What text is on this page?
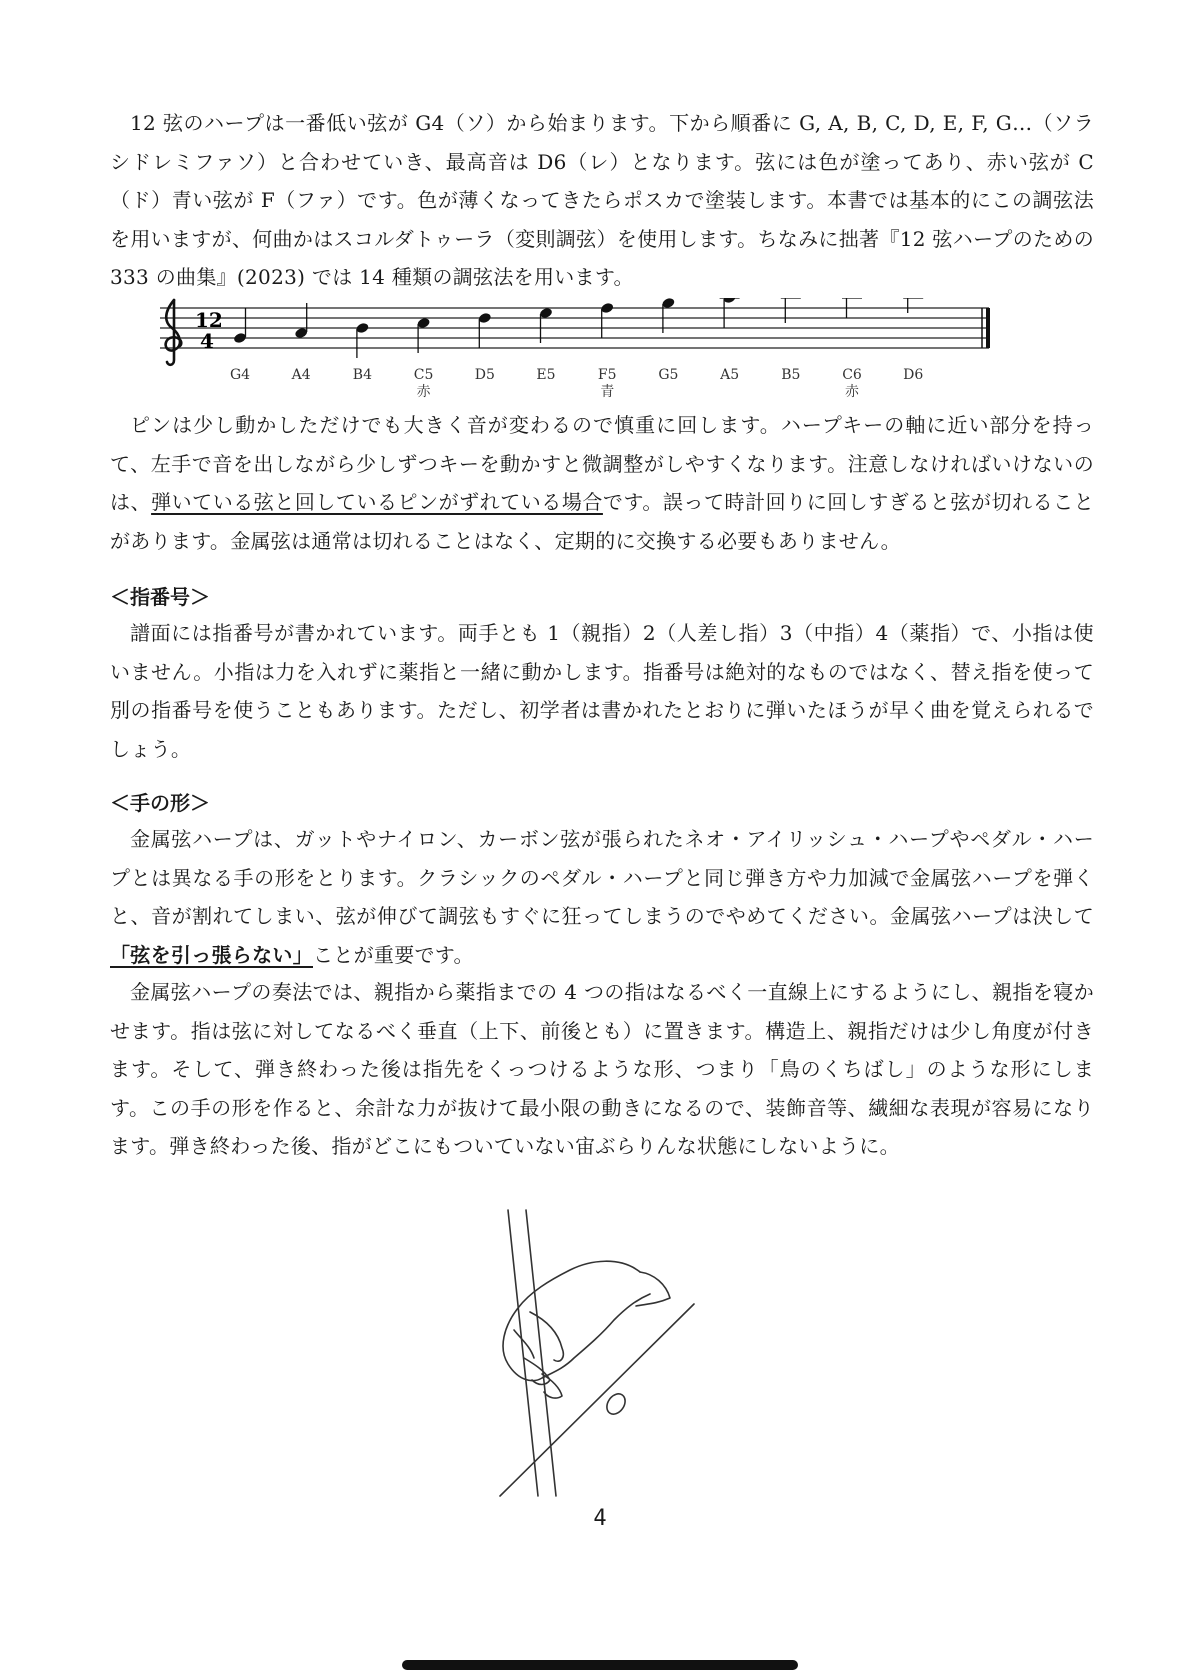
12 弦のハープは一番低い弦が G4（ソ）から始まります。下から順番に G, A, B, C, D, E, F, G…（ソラシドレミファソ）と合わせていき、最高音は D6（レ）となります。弦には色が塗ってあり、赤い弦が C（ド）青い弦が F（ファ）です。色が薄くなってきたらポスカで塗装します。本書では基本的にこの調弦法を用いますが、何曲かはスコルダトゥーラ（変則調弦）を使用します。ちなみに拙著『12 弦ハープのための 333 の曲集』(2023) では 14 種類の調弦法を用います。

12
4
G4	A4	B4	C5
赤
D5	E5	F5
青
G5	A5	B5	C6
赤
D6

ピンは少し動かしただけでも大きく音が変わるので慎重に回します。ハープキーの軸に近い部分を持って、左手で音を出しながら少しずつキーを動かすと微調整がしやすくなります。注意しなければいけないのは、弾いている弦と回しているピンがずれている場合です。誤って時計回りに回しすぎると弦が切れることがあります。金属弦は通常は切れることはなく、定期的に交換する必要もありません。

＜指番号＞

譜面には指番号が書かれています。両手とも 1（親指）2（人差し指）3（中指）4（薬指）で、小指は使いません。小指は力を入れずに薬指と一緒に動かします。指番号は絶対的なものではなく、替え指を使って別の指番号を使うこともあります。ただし、初学者は書かれたとおりに弾いたほうが早く曲を覚えられるでしょう。

＜手の形＞

金属弦ハープは、ガットやナイロン、カーボン弦が張られたネオ・アイリッシュ・ハープやペダル・ハープとは異なる手の形をとります。クラシックのペダル・ハープと同じ弾き方や力加減で金属弦ハープを弾くと、音が割れてしまい、弦が伸びて調弦もすぐに狂ってしまうのでやめてください。金属弦ハープは決して「弦を引っ張らない」ことが重要です。

金属弦ハープの奏法では、親指から薬指までの 4 つの指はなるべく一直線上にするようにし、親指を寝かせます。指は弦に対してなるべく垂直（上下、前後とも）に置きます。構造上、親指だけは少し角度が付きます。そして、弾き終わった後は指先をくっつけるような形、つまり「鳥のくちばし」のような形にします。この手の形を作ると、余計な力が抜けて最小限の動きになるので、装飾音等、繊細な表現が容易になります。弾き終わった後、指がどこにもついていない宙ぶらりんな状態にしないように。

4
